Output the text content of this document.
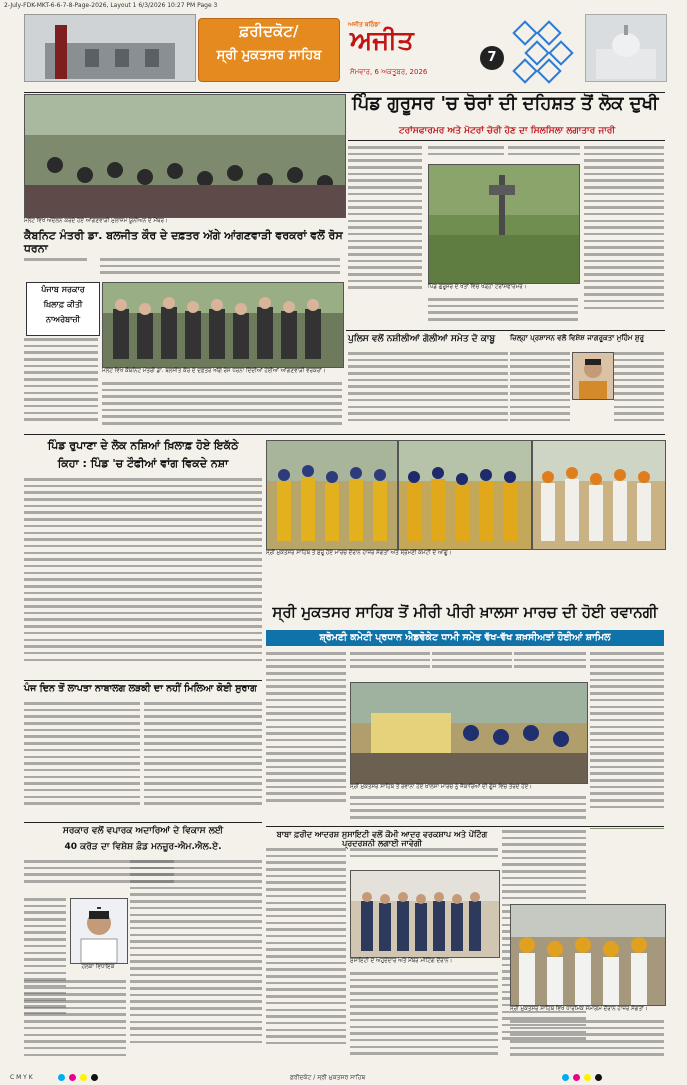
2-July-FDK-MKT-6-6-7-8-Page-2026, Layout 1 6/3/2026 10:27 PM Page 3
ਫ਼ਰੀਦਕੋਟ/
ਸ੍ਰੀ ਮੁਕਤਸਰ ਸਾਹਿਬ
ਅਜੀਤ ਬਠਿੰਡਾ
ਅਜੀਤ
ਸੋਮਵਾਰ, 6 ਅਕਤੂਬਰ, 2026
7
ਮਲੋਟ ਵਿਖੇ ਅੰਦੋਲਨ ਕਰਦੇ ਹੋਏ ਆਂਗਣਵਾੜੀ ਮੁਲਾਜ਼ਮ ਯੂਨੀਅਨ ਦੇ ਮੈਂਬਰ।
ਪਿੰਡ ਗੁਰੂਸਰ 'ਚ ਚੋਰਾਂ ਦੀ ਦਹਿਸ਼ਤ ਤੋਂ ਲੋਕ ਦੁਖੀ
ਟਰਾਂਸਫਾਰਮਰ ਅਤੇ ਮੋਟਰਾਂ ਚੋਰੀ ਹੋਣ ਦਾ ਸਿਲਸਿਲਾ ਲਗਾਤਾਰ ਜਾਰੀ
ਕੈਬਨਿਟ ਮੰਤਰੀ ਡਾ. ਬਲਜੀਤ ਕੌਰ ਦੇ ਦਫ਼ਤਰ ਅੱਗੇ ਆਂਗਣਵਾੜੀ ਵਰਕਰਾਂ ਵਲੋਂ ਰੋਸ ਧਰਨਾ
ਪੰਜਾਬ ਸਰਕਾਰ
ਖ਼ਿਲਾਫ਼ ਕੀਤੀ
ਨਾਅਰੇਬਾਜ਼ੀ
ਮਲੋਟ ਵਿਖੇ ਕੈਬਨਿਟ ਮੰਤਰੀ ਡਾ. ਬਲਜੀਤ ਕੌਰ ਦੇ ਦਫ਼ਤਰ ਅੱਗੇ ਰੋਸ ਧਰਨਾ ਦਿੰਦੀਆਂ ਹੋਈਆਂ ਆਂਗਣਵਾੜੀ ਵਰਕਰਾਂ।
ਪਿੰਡ ਗੁਰੂਸਰ ਦੇ ਖੇਤਾਂ ਵਿਚ ਖੜ੍ਹਾ ਟਰਾਂਸਫਾਰਮਰ।
ਪੁਲਿਸ ਵਲੋਂ ਨਸ਼ੀਲੀਆਂ ਗੋਲੀਆਂ ਸਮੇਤ ਦੋ ਕਾਬੂ	ਜ਼ਿਲ੍ਹਾ ਪ੍ਰਸ਼ਾਸਨ ਵਲੋਂ ਵਿਸ਼ੇਸ਼ ਜਾਗਰੂਕਤਾ ਮੁਹਿੰਮ ਸ਼ੁਰੂ
ਪਿੰਡ ਰੁਪਾਣਾ ਦੇ ਲੋਕ ਨਸ਼ਿਆਂ ਖ਼ਿਲਾਫ਼ ਹੋਏ ਇਕੱਠੇ
ਕਿਹਾ : ਪਿੰਡ 'ਚ ਟੌਫੀਆਂ ਵਾਂਗ ਵਿਕਦੇ ਨਸ਼ਾ
ਸ੍ਰੀ ਮੁਕਤਸਰ ਸਾਹਿਬ ਤੋਂ ਸ਼ੁਰੂ ਹੋਏ ਮਾਰਚ ਦੌਰਾਨ ਹਾਜ਼ਰ ਸੰਗਤਾਂ ਅਤੇ ਸ਼੍ਰੋਮਣੀ ਕਮੇਟੀ ਦੇ ਆਗੂ।
ਸ੍ਰੀ ਮੁਕਤਸਰ ਸਾਹਿਬ ਤੋਂ ਮੀਰੀ ਪੀਰੀ ਖ਼ਾਲਸਾ ਮਾਰਚ ਦੀ ਹੋਈ ਰਵਾਨਗੀ
ਸ਼੍ਰੋਮਣੀ ਕਮੇਟੀ ਪ੍ਰਧਾਨ ਐਡਵੋਕੇਟ ਧਾਮੀ ਸਮੇਤ ਵੱਖ-ਵੱਖ ਸ਼ਖ਼ਸੀਅਤਾਂ ਹੋਈਆਂ ਸ਼ਾਮਿਲ
ਸ੍ਰੀ ਮੁਕਤਸਰ ਸਾਹਿਬ ਤੋਂ ਰਵਾਨਾ ਹੋਏ ਖ਼ਾਲਸਾ ਮਾਰਚ ਨੂੰ ਜੈਕਾਰਿਆਂ ਦੀ ਗੂੰਜ ਵਿਚ ਤੋਰਦੇ ਹੋਏ।
ਪੰਜ ਦਿਨ ਤੋਂ ਲਾਪਤਾ ਨਾਬਾਲਗ ਲੜਕੀ ਦਾ ਨਹੀਂ ਮਿਲਿਆ ਕੋਈ ਸੁਰਾਗ
ਸਰਕਾਰ ਵਲੋਂ ਵਪਾਰਕ ਅਦਾਰਿਆਂ ਦੇ ਵਿਕਾਸ ਲਈ
40 ਕਰੋੜ ਦਾ ਵਿਸ਼ੇਸ਼ ਫ਼ੰਡ ਮਨਜ਼ੂਰ-ਐਮ.ਐਲ.ਏ.
ਹਲਕਾ ਵਿਧਾਇਕ
ਬਾਬਾ ਫ਼ਰੀਦ ਆਦਰਸ਼ ਸੁਸਾਇਟੀ ਵਲੋਂ ਕੌਮੀ ਆਦਰ ਵਰਕਸ਼ਾਪ ਅਤੇ ਪੇਂਟਿੰਗ ਪ੍ਰਦਰਸ਼ਨੀ ਲਗਾਈ ਜਾਵੇਗੀ
ਸੁਸਾਇਟੀ ਦੇ ਅਹੁਦੇਦਾਰ ਅਤੇ ਮੈਂਬਰ ਮੀਟਿੰਗ ਦੌਰਾਨ।
ਸ੍ਰੀ ਮੁਕਤਸਰ ਸਾਹਿਬ ਵਿਖੇ ਧਾਰਮਿਕ ਸਮਾਗਮ ਦੌਰਾਨ ਹਾਜ਼ਰ ਸੰਗਤਾਂ।
C M Y K	ਫ਼ਰੀਦਕੋਟ / ਸ੍ਰੀ ਮੁਕਤਸਰ ਸਾਹਿਬ
